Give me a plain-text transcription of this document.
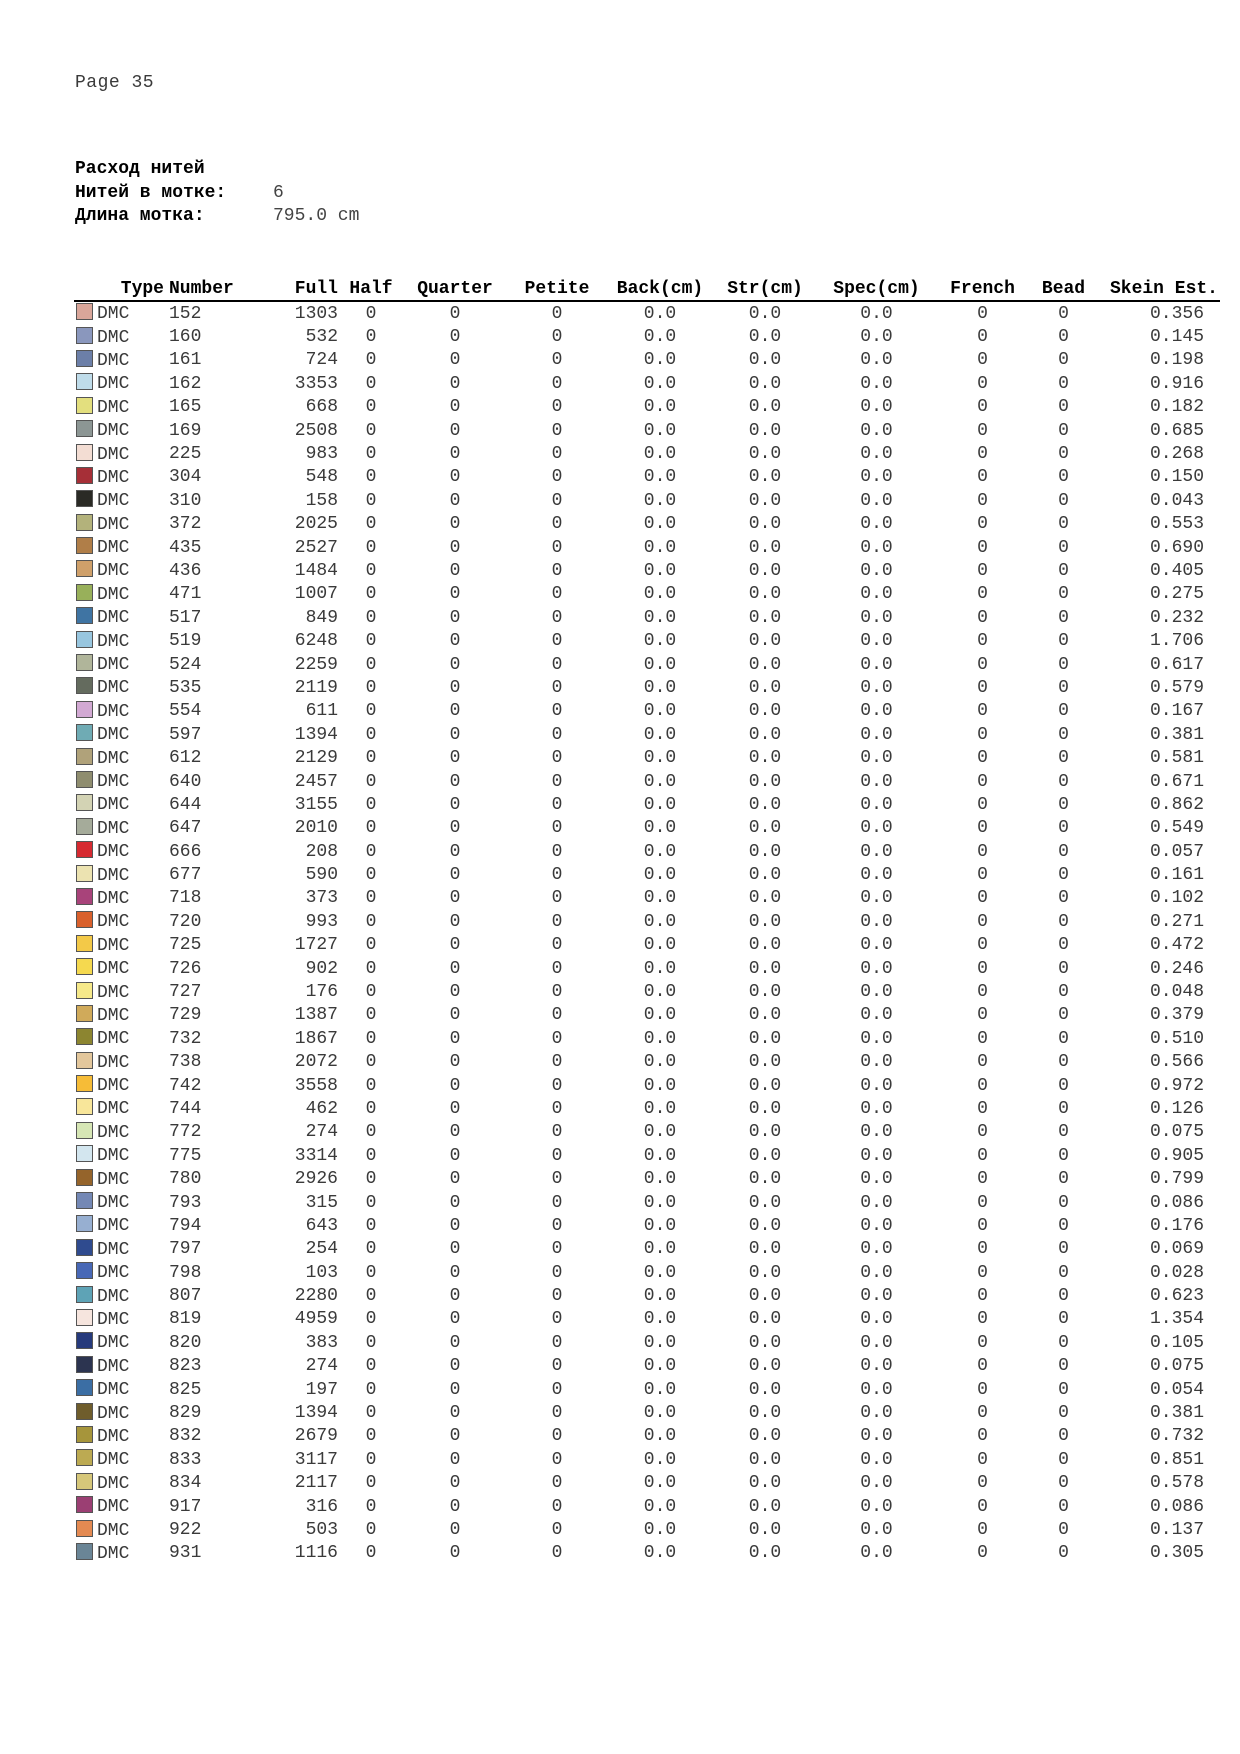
Page 35
Расход нитей
Нитей в мотке:	6
Длина мотка:	795.0 cm
Type	Number	Full	Half	Quarter	Petite	Back(cm)	Str(cm)	Spec(cm)	French	Bead	Skein Est.
DMC	152	1303	0	0	0	0.0	0.0	0.0	0	0	0.356
DMC	160	532	0	0	0	0.0	0.0	0.0	0	0	0.145
DMC	161	724	0	0	0	0.0	0.0	0.0	0	0	0.198
DMC	162	3353	0	0	0	0.0	0.0	0.0	0	0	0.916
DMC	165	668	0	0	0	0.0	0.0	0.0	0	0	0.182
DMC	169	2508	0	0	0	0.0	0.0	0.0	0	0	0.685
DMC	225	983	0	0	0	0.0	0.0	0.0	0	0	0.268
DMC	304	548	0	0	0	0.0	0.0	0.0	0	0	0.150
DMC	310	158	0	0	0	0.0	0.0	0.0	0	0	0.043
DMC	372	2025	0	0	0	0.0	0.0	0.0	0	0	0.553
DMC	435	2527	0	0	0	0.0	0.0	0.0	0	0	0.690
DMC	436	1484	0	0	0	0.0	0.0	0.0	0	0	0.405
DMC	471	1007	0	0	0	0.0	0.0	0.0	0	0	0.275
DMC	517	849	0	0	0	0.0	0.0	0.0	0	0	0.232
DMC	519	6248	0	0	0	0.0	0.0	0.0	0	0	1.706
DMC	524	2259	0	0	0	0.0	0.0	0.0	0	0	0.617
DMC	535	2119	0	0	0	0.0	0.0	0.0	0	0	0.579
DMC	554	611	0	0	0	0.0	0.0	0.0	0	0	0.167
DMC	597	1394	0	0	0	0.0	0.0	0.0	0	0	0.381
DMC	612	2129	0	0	0	0.0	0.0	0.0	0	0	0.581
DMC	640	2457	0	0	0	0.0	0.0	0.0	0	0	0.671
DMC	644	3155	0	0	0	0.0	0.0	0.0	0	0	0.862
DMC	647	2010	0	0	0	0.0	0.0	0.0	0	0	0.549
DMC	666	208	0	0	0	0.0	0.0	0.0	0	0	0.057
DMC	677	590	0	0	0	0.0	0.0	0.0	0	0	0.161
DMC	718	373	0	0	0	0.0	0.0	0.0	0	0	0.102
DMC	720	993	0	0	0	0.0	0.0	0.0	0	0	0.271
DMC	725	1727	0	0	0	0.0	0.0	0.0	0	0	0.472
DMC	726	902	0	0	0	0.0	0.0	0.0	0	0	0.246
DMC	727	176	0	0	0	0.0	0.0	0.0	0	0	0.048
DMC	729	1387	0	0	0	0.0	0.0	0.0	0	0	0.379
DMC	732	1867	0	0	0	0.0	0.0	0.0	0	0	0.510
DMC	738	2072	0	0	0	0.0	0.0	0.0	0	0	0.566
DMC	742	3558	0	0	0	0.0	0.0	0.0	0	0	0.972
DMC	744	462	0	0	0	0.0	0.0	0.0	0	0	0.126
DMC	772	274	0	0	0	0.0	0.0	0.0	0	0	0.075
DMC	775	3314	0	0	0	0.0	0.0	0.0	0	0	0.905
DMC	780	2926	0	0	0	0.0	0.0	0.0	0	0	0.799
DMC	793	315	0	0	0	0.0	0.0	0.0	0	0	0.086
DMC	794	643	0	0	0	0.0	0.0	0.0	0	0	0.176
DMC	797	254	0	0	0	0.0	0.0	0.0	0	0	0.069
DMC	798	103	0	0	0	0.0	0.0	0.0	0	0	0.028
DMC	807	2280	0	0	0	0.0	0.0	0.0	0	0	0.623
DMC	819	4959	0	0	0	0.0	0.0	0.0	0	0	1.354
DMC	820	383	0	0	0	0.0	0.0	0.0	0	0	0.105
DMC	823	274	0	0	0	0.0	0.0	0.0	0	0	0.075
DMC	825	197	0	0	0	0.0	0.0	0.0	0	0	0.054
DMC	829	1394	0	0	0	0.0	0.0	0.0	0	0	0.381
DMC	832	2679	0	0	0	0.0	0.0	0.0	0	0	0.732
DMC	833	3117	0	0	0	0.0	0.0	0.0	0	0	0.851
DMC	834	2117	0	0	0	0.0	0.0	0.0	0	0	0.578
DMC	917	316	0	0	0	0.0	0.0	0.0	0	0	0.086
DMC	922	503	0	0	0	0.0	0.0	0.0	0	0	0.137
DMC	931	1116	0	0	0	0.0	0.0	0.0	0	0	0.305
